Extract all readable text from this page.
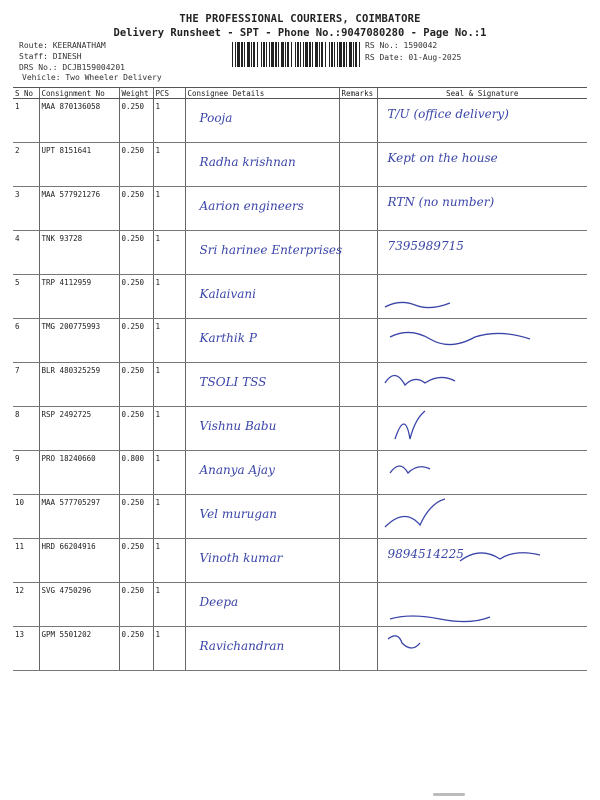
THE PROFESSIONAL COURIERS, COIMBATORE
Delivery Runsheet - SPT - Phone No.:9047080280 - Page No.:1
Route: KEERANATHAM
Staff: DINESH
DRS No.: DCJB159004201
Vehicle: Two Wheeler Delivery
RS No.: 1590042
RS Date: 01-Aug-2025
S No	Consignment No	Weight	PCS	Consignee Details	Remarks	Seal & Signature
1	MAA 870136058	0.250	1	Pooja		T/U (office delivery)

2	UPT 8151641	0.250	1	Radha krishnan		Kept on the house

3	MAA 577921276	0.250	1	Aarion engineers		RTN (no number)

4	TNK 93728	0.250	1	Sri harinee Enterprises		7395989715

5	TRP 4112959	0.250	1	Kalaivani

6	TMG 200775993	0.250	1	Karthik P

7	BLR 480325259	0.250	1	TSOLI TSS

8	RSP 2492725	0.250	1	Vishnu Babu

9	PRO 18240660	0.800	1	Ananya Ajay

10	MAA 577705297	0.250	1	Vel murugan

11	HRD 66204916	0.250	1	Vinoth kumar		9894514225

12	SVG 4750296	0.250	1	Deepa

13	GPM 5501202	0.250	1	Ravichandran
